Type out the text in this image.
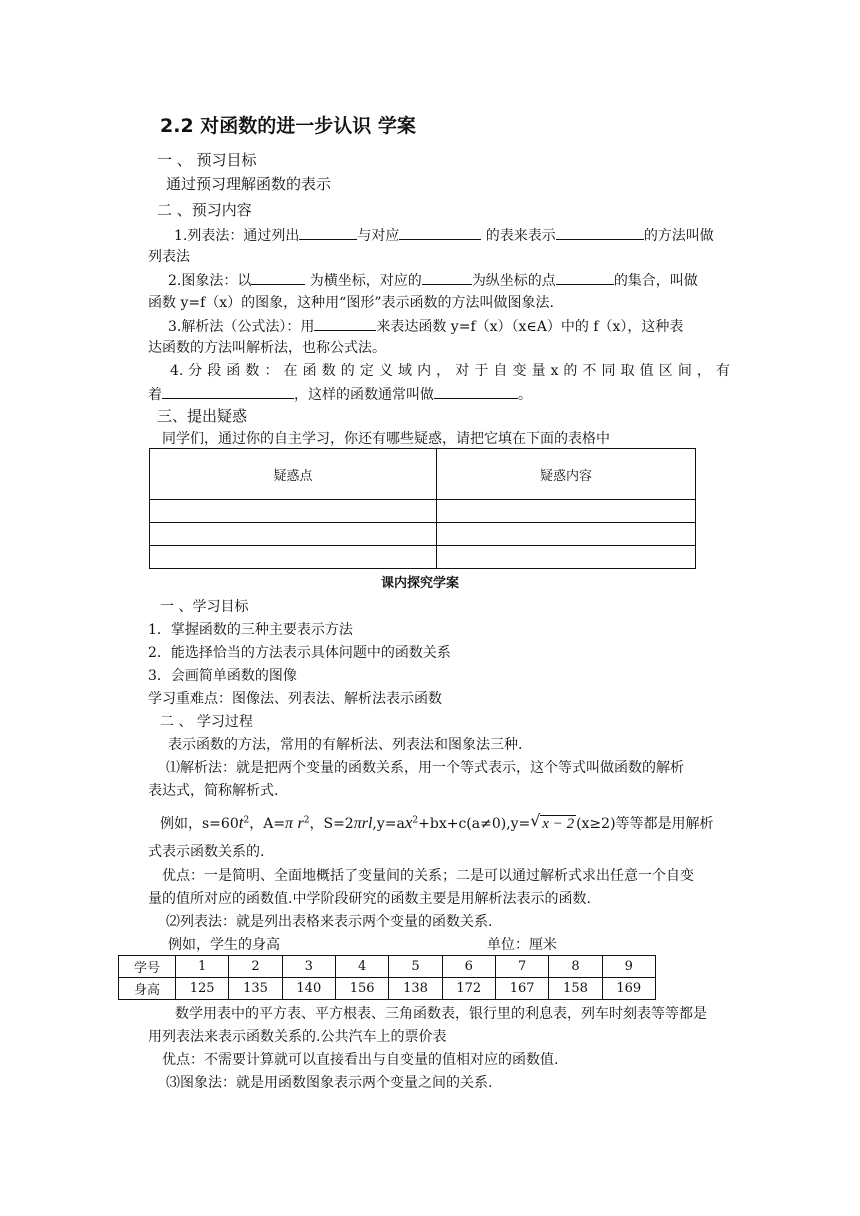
2.2 对函数的进一步认识 学案
一 、 预习目标
通过预习理解函数的表示
二 、预习内容
1.列表法：通过列出	与对应	的表来表示	的方法叫做
列表法
2.图象法：以	为横坐标，对应的	为纵坐标的点	的集合，叫做
函数 y=f（x）的图象，这种用“图形”表示函数的方法叫做图象法.
3.解析法（公式法）：用	来表达函数 y=f（x）（x∈A）中的 f（x），这种表
达函数的方法叫解析法，也称公式法。
4. 分 段 函 数 ： 在 函 数 的 定 义 域 内 ， 对 于 自 变 量 x 的 不 同 取 值 区 间 ， 有
着	，这样的函数通常叫做	。
三、提出疑惑
同学们，通过你的自主学习，你还有哪些疑惑，请把它填在下面的表格中
疑惑点	疑惑内容

课内探究学案
一 、学习目标
1．掌握函数的三种主要表示方法
2．能选择恰当的方法表示具体问题中的函数关系
3．会画简单函数的图像
学习重难点：图像法、列表法、解析法表示函数
二 、 学习过程
表示函数的方法，常用的有解析法、列表法和图象法三种.
⑴解析法：就是把两个变量的函数关系，用一个等式表示，这个等式叫做函数的解析
表达式，简称解析式.
例如，$s=60t^2$，A=π $r^2$，$S=2\pi rl,y=ax^2+bx+c(a\ne 0),y=$ √ x − 2 (x≥2)等等都是用解析
式表示函数关系的.
优点：一是简明、全面地概括了变量间的关系；二是可以通过解析式求出任意一个自变
量的值所对应的函数值.中学阶段研究的函数主要是用解析法表示的函数.
⑵列表法：就是列出表格来表示两个变量的函数关系.
例如，学生的身高	单位：厘米
学号	1	2	3	4	5	6	7	8	9
身高	125	135	140	156	138	172	167	158	169
数学用表中的平方表、平方根表、三角函数表，银行里的利息表，列车时刻表等等都是
用列表法来表示函数关系的.公共汽车上的票价表
优点：不需要计算就可以直接看出与自变量的值相对应的函数值.
⑶图象法：就是用函数图象表示两个变量之间的关系.
